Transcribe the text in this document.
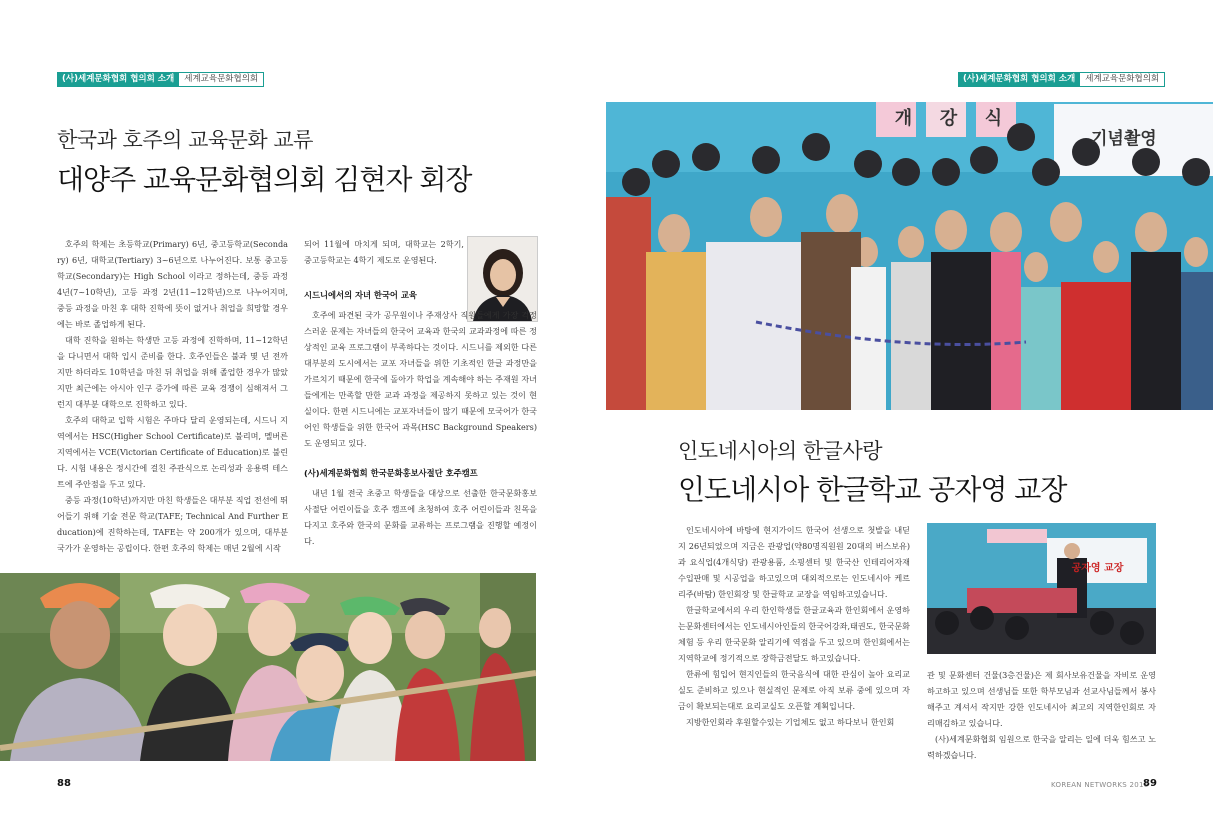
(사)세계문화협회 협의회 소개	세계교육문화협의회
한국과 호주의 교육문화 교류
대양주 교육문화협의회 김현자 회장

호주의 학제는 초등학교(Primary) 6년, 중고등학교(Secondary) 6년, 대학교(Tertiary) 3~6년으로 나누어진다. 보통 중고등학교(Secondary)는 High School 이라고 정하는데, 중등 과정 4년(7~10학년), 고등 과정 2년(11~12학년)으로 나누어지며, 중등 과정을 마친 후 대학 진학에 뜻이 없거나 취업을 희망할 경우에는 바로 졸업하게 된다.

대학 진학을 원하는 학생만 고등 과정에 진학하며, 11~12학년을 다니면서 대학 입시 준비를 한다. 호주인들은 불과 몇 년 전까지만 하더라도 10학년을 마친 뒤 취업을 위해 졸업한 경우가 많았지만 최근에는 아시아 인구 증가에 따른 교육 경쟁이 심해져서 그런지 대부분 대학으로 진학하고 있다.

호주의 대학교 입학 시험은 주마다 달리 운영되는데, 시드니 지역에서는 HSC(Higher School Certificate)로 불리며, 멜버른 지역에서는 VCE(Victorian Certificate of Education)로 불린다. 시험 내용은 정시간에 걸친 주관식으로 논리성과 응용력 테스트에 주안점을 두고 있다.

중등 과정(10학년)까지만 마친 학생들은 대부분 직업 전선에 뛰어들기 위해 기술 전문 학교(TAFE; Technical And Further Education)에 진학하는데, TAFE는 약 200개가 있으며, 대부분 국가가 운영하는 공립이다. 한편 호주의 학제는 매년 2월에 시작

되어 11월에 마치게 되며, 대학교는 2학기, 중고등학교는 4학기 제도로 운영된다.

시드니에서의 자녀 한국어 교육

호주에 파견된 국가 공무원이나 주재상사 직원들에게 가장 걱정스러운 문제는 자녀들의 한국어 교육과 한국의 교과과정에 따른 정상적인 교육 프로그램이 부족하다는 것이다. 시드니를 제외한 다른 대부분의 도시에서는 교포 자녀들을 위한 기초적인 한글 과정만을 가르치기 때문에 한국에 돌아가 학업을 계속해야 하는 주재원 자녀들에게는 만족할 만한 교과 과정을 제공하지 못하고 있는 것이 현실이다. 한편 시드니에는 교포자녀들이 많기 때문에 모국어가 한국어인 학생들을 위한 한국어 과목(HSC Background Speakers)도 운영되고 있다.

(사)세계문화협회 한국문화홍보사절단 호주캠프

내년 1월 전국 초중고 학생들을 대상으로 선출한 한국문화홍보사절단 어린이들을 호주 캠프에 초청하여 호주 어린이들과 친목을 다지고 호주와 한국의 문화를 교류하는 프로그램을 진행할 예정이다.

88
(사)세계문화협회 협의회 소개	세계교육문화협의회
개 강 식
기념촬영
인도네시아의 한글사랑
인도네시아 한글학교 공자영 교장

인도네시아에 바탕에 현지가이드 한국어 선생으로 첫발을 내딛지 26년되었으며 지금은 관광업(약80명직원원 20대의 버스보유) 과 요식업(4개식당) 관광용품, 소핑센터 및 한국산 인테리어자재 수입판매 및 시공업을 하고있으며 대외적으로는 인도네시아 케르리주(바탐) 한인회장 및 한글학교 교장을 역임하고있습니다.

한글학교에서의 우리 한인학생들 한글교육과 한인회에서 운영하는문화센터에서는 인도네시아인들의 한국어강좌,태권도, 한국문화체험 등 우리 한국문화 알리기에 역점을 두고 있으며 한인회에서는 지역학교에 정기적으로 장학금전달도 하고있습니다.

한류에 힘입어 현지인들의 한국음식에 대한 관심이 높아 요리교실도 준비하고 있으나 현실적인 문제로 아직 보류 중에 있으며 자금이 확보되는대로 요리교실도 오픈할 계획입니다.

지방한인회라 후원할수있는 기업체도 없고 하다보니 한인회

공자영 교장

관 및 문화센터 건물(3층건물)은 제 회사보유건물을 자비로 운영하고하고 있으며 선생님들 또한 학부모님과 선교사님들께서 봉사해주고 계셔서 작지만 강한 인도네시아 최고의 지역한인회로 자리매김하고 있습니다.

(사)세계문화협회 임원으로 한국을 알리는 일에 더욱 힘쓰고 노력하겠습니다.

KOREAN NETWORKS 2016
89
